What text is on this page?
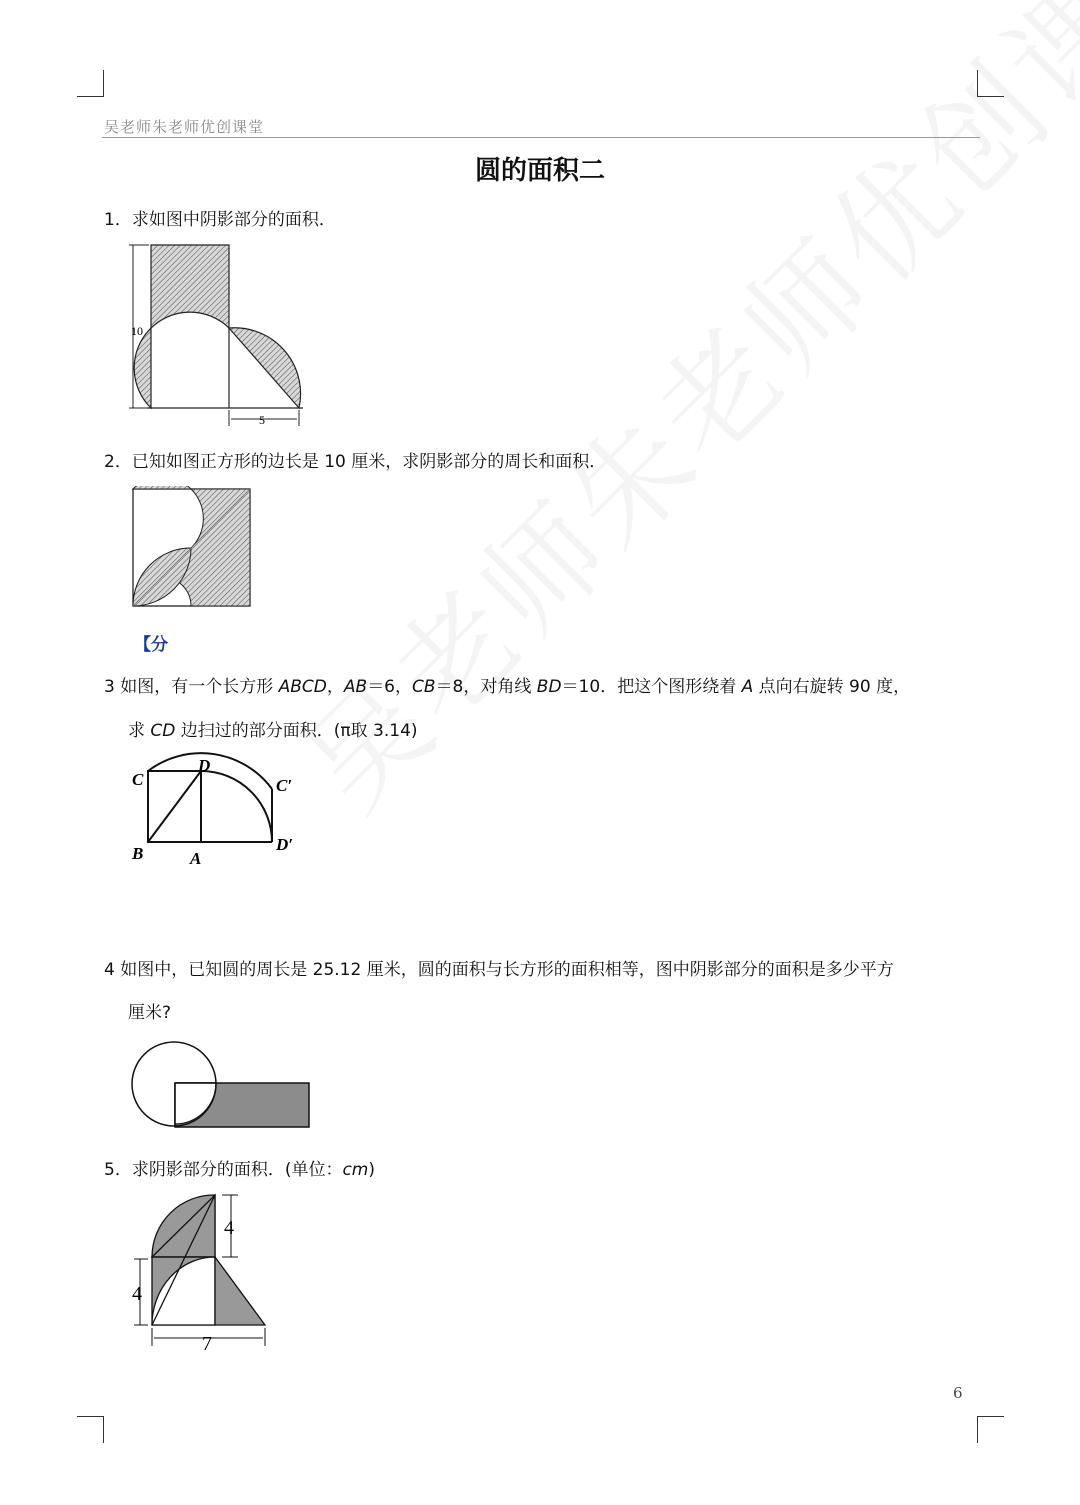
吴老师朱老师优创课堂
圆的面积二
1．求如图中阴影部分的面积．
10
5
2．已知如图正方形的边长是 10 厘米，求阴影部分的周长和面积．
【分
3 如图，有一个长方形 ABCD，AB＝6，CB＝8，对角线 BD＝10．把这个图形绕着 A 点向右旋转 90 度，
求 CD 边扫过的部分面积．(π取 3.14)
C
D
C′
B	A
D′
4 如图中，已知圆的周长是 25.12 厘米，圆的面积与长方形的面积相等，图中阴影部分的面积是多少平方
厘米?
5．求阴影部分的面积．(单位：cm)
4
4
7
6
